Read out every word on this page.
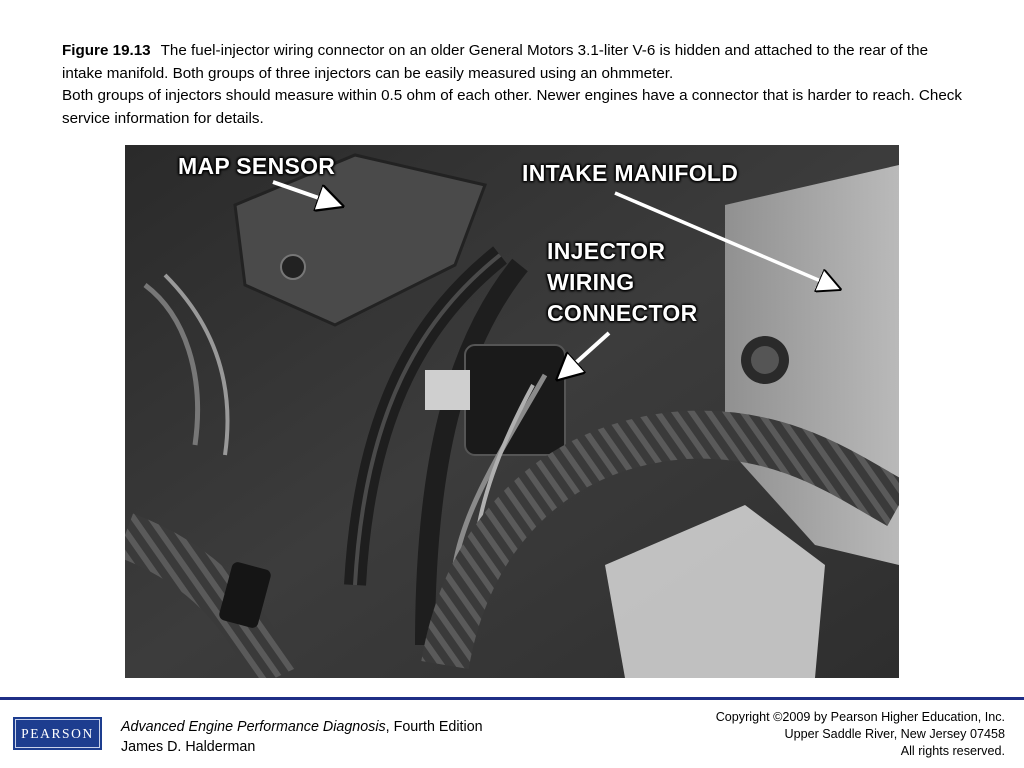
Figure 19.13 The fuel-injector wiring connector on an older General Motors 3.1-liter V-6 is hidden and attached to the rear of the intake manifold. Both groups of three injectors can be easily measured using an ohmmeter.

Both groups of injectors should measure within 0.5 ohm of each other. Newer engines have a connector that is harder to reach. Check service information for details.

MAP SENSOR	INTAKE MANIFOLD
INJECTOR
WIRING
CONNECTOR
PEARSON Advanced Engine Performance Diagnosis, Fourth Edition
James D. Halderman
Copyright ©2009 by Pearson Higher Education, Inc.
Upper Saddle River, New Jersey 07458
All rights reserved.
